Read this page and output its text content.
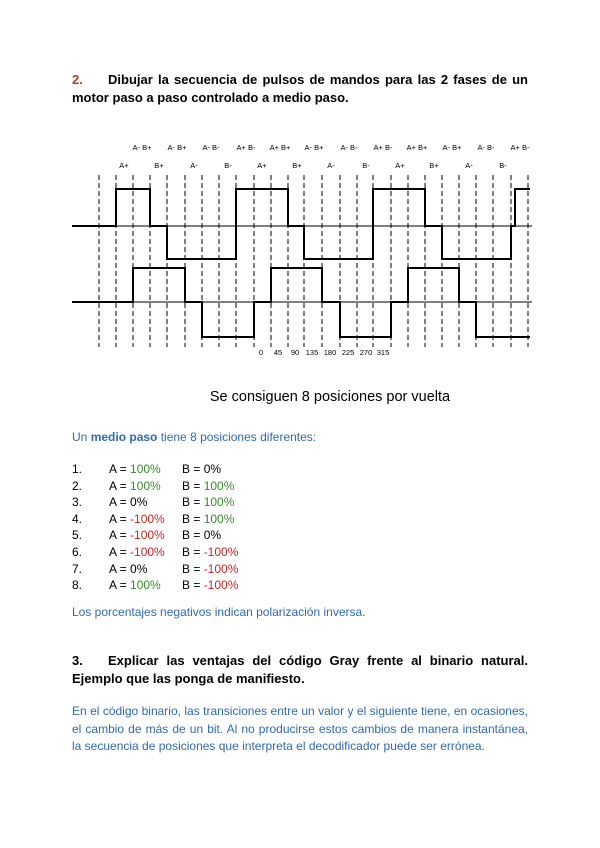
2. Dibujar la secuencia de pulsos de mandos para las 2 fases de un motor paso a paso controlado a medio paso.
A- B+ A- B+ A- B- A+ B- A+ B+ A- B+ A- B- A+ B- A+ B+ A- B+ A- B- A+ B-
A+	B+	A-	B-	A+	B+	A-	B-	A+	B+	A-	B-
0 45 90 135 180 225 270 315
Se consiguen 8 posiciones por vuelta
Un medio paso tiene 8 posiciones diferentes:
1. A = 100% B = 0%
2. A = 100% B = 100%
3. A = 0%	B = 100%
4. A = -100% B = 100%
5. A = -100% B = 0%
6. A = -100% B = -100%
7. A = 0%	B = -100%
8. A = 100% B = -100%
Los porcentajes negativos indican polarización inversa.
3. Explicar las ventajas del código Gray frente al binario natural. Ejemplo que las ponga de manifiesto.
En el código binario, las transiciones entre un valor y el siguiente tiene, en ocasiones, el cambio de más de un bit. Al no producirse estos cambios de manera instantánea, la secuencia de posiciones que interpreta el decodificador puede ser errónea.
